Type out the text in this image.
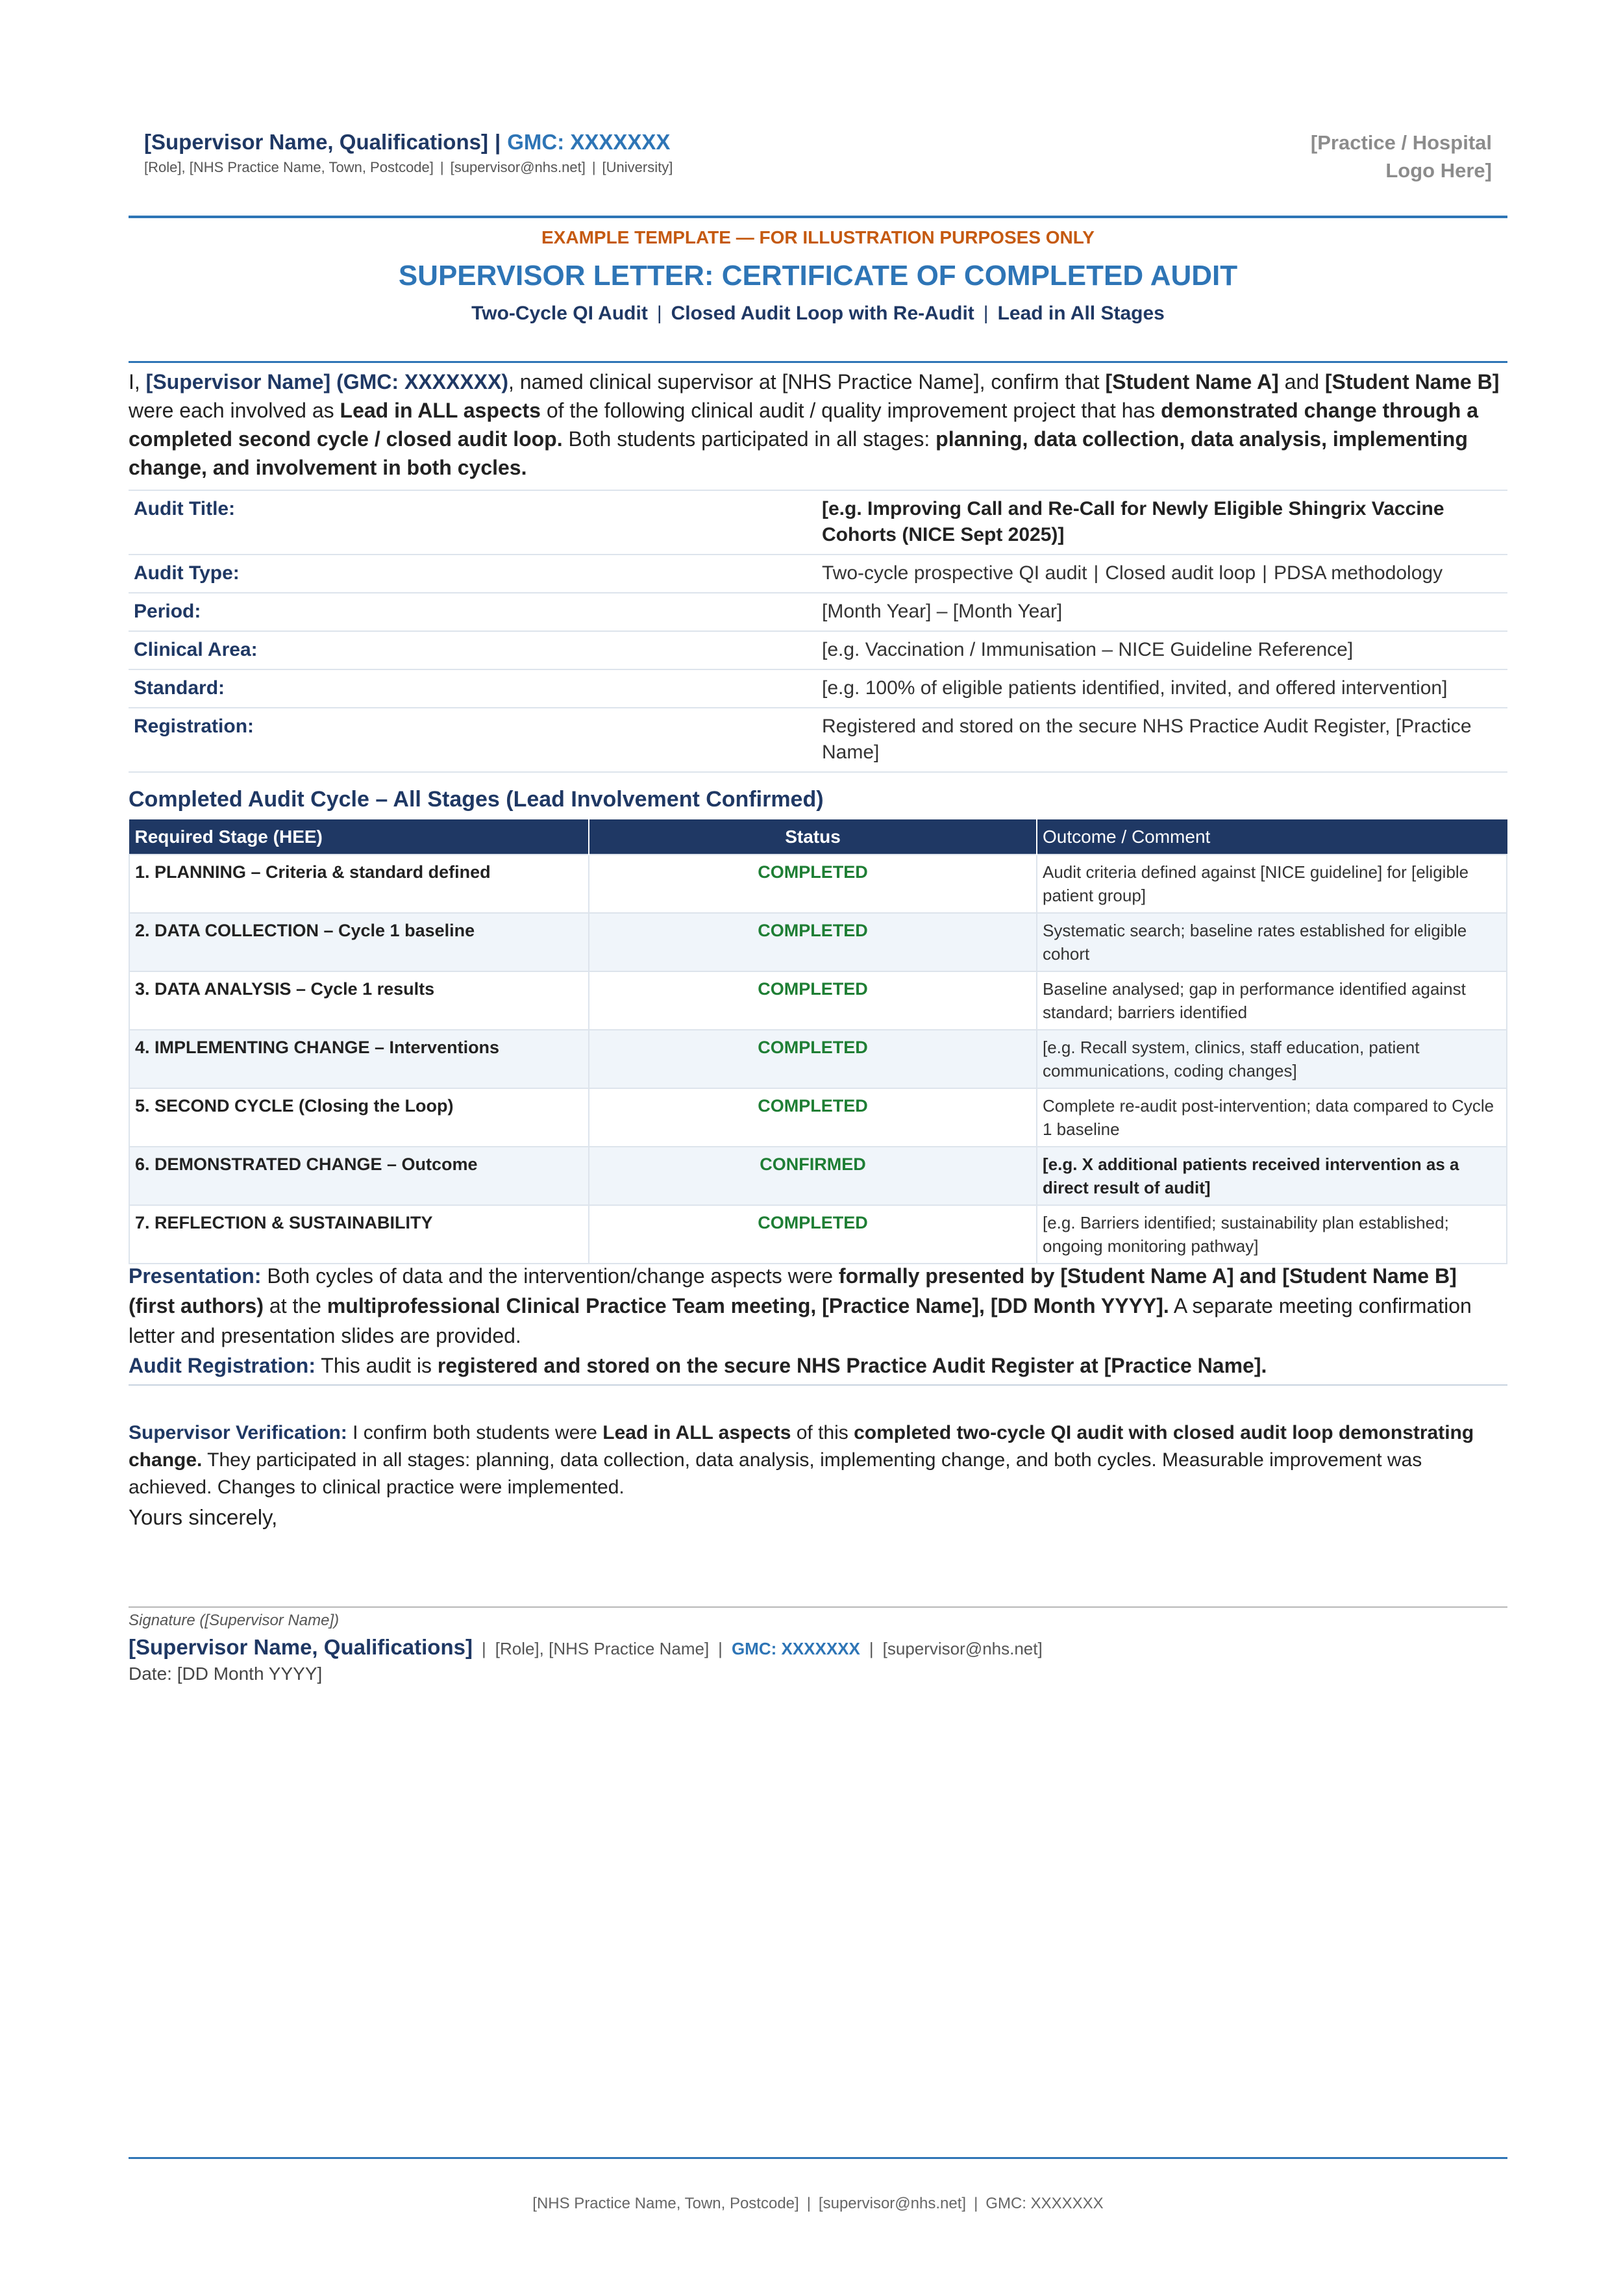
[Supervisor Name, Qualifications] | GMC: XXXXXXX
[Role], [NHS Practice Name, Town, Postcode] | [supervisor@nhs.net] | [University]
[Practice / Hospital
Logo Here]
EXAMPLE TEMPLATE — FOR ILLUSTRATION PURPOSES ONLY
SUPERVISOR LETTER: CERTIFICATE OF COMPLETED AUDIT
Two-Cycle QI Audit | Closed Audit Loop with Re-Audit | Lead in All Stages
I, [Supervisor Name] (GMC: XXXXXXX), named clinical supervisor at [NHS Practice Name], confirm that [Student Name A] and [Student Name B] were each involved as Lead in ALL aspects of the following clinical audit / quality improvement project that has demonstrated change through a completed second cycle / closed audit loop. Both students participated in all stages: planning, data collection, data analysis, implementing change, and involvement in both cycles.
Audit Title:	[e.g. Improving Call and Re-Call for Newly Eligible Shingrix Vaccine Cohorts (NICE Sept 2025)]
Audit Type:	Two-cycle prospective QI audit | Closed audit loop | PDSA methodology
Period:	[Month Year] – [Month Year]
Clinical Area:	[e.g. Vaccination / Immunisation – NICE Guideline Reference]
Standard:	[e.g. 100% of eligible patients identified, invited, and offered intervention]
Registration:	Registered and stored on the secure NHS Practice Audit Register, [Practice Name]
Completed Audit Cycle – All Stages (Lead Involvement Confirmed)
Required Stage (HEE)	Status	Outcome / Comment
1. PLANNING – Criteria & standard defined	COMPLETED	Audit criteria defined against [NICE guideline] for [eligible patient group]
2. DATA COLLECTION – Cycle 1 baseline	COMPLETED	Systematic search; baseline rates established for eligible cohort
3. DATA ANALYSIS – Cycle 1 results	COMPLETED	Baseline analysed; gap in performance identified against standard; barriers identified
4. IMPLEMENTING CHANGE – Interventions	COMPLETED	[e.g. Recall system, clinics, staff education, patient communications, coding changes]
5. SECOND CYCLE (Closing the Loop)	COMPLETED	Complete re-audit post-intervention; data compared to Cycle 1 baseline
6. DEMONSTRATED CHANGE – Outcome	CONFIRMED	[e.g. X additional patients received intervention as a direct result of audit]
7. REFLECTION & SUSTAINABILITY	COMPLETED	[e.g. Barriers identified; sustainability plan established; ongoing monitoring pathway]
Presentation: Both cycles of data and the intervention/change aspects were formally presented by [Student Name A] and [Student Name B] (first authors) at the multiprofessional Clinical Practice Team meeting, [Practice Name], [DD Month YYYY]. A separate meeting confirmation letter and presentation slides are provided.
Audit Registration: This audit is registered and stored on the secure NHS Practice Audit Register at [Practice Name].
Supervisor Verification: I confirm both students were Lead in ALL aspects of this completed two-cycle QI audit with closed audit loop demonstrating change. They participated in all stages: planning, data collection, data analysis, implementing change, and both cycles. Measurable improvement was achieved. Changes to clinical practice were implemented.
Yours sincerely,
Signature ([Supervisor Name])
[Supervisor Name, Qualifications] | [Role], [NHS Practice Name] | GMC: XXXXXXX | [supervisor@nhs.net]
Date: [DD Month YYYY]
[NHS Practice Name, Town, Postcode] | [supervisor@nhs.net] | GMC: XXXXXXX
